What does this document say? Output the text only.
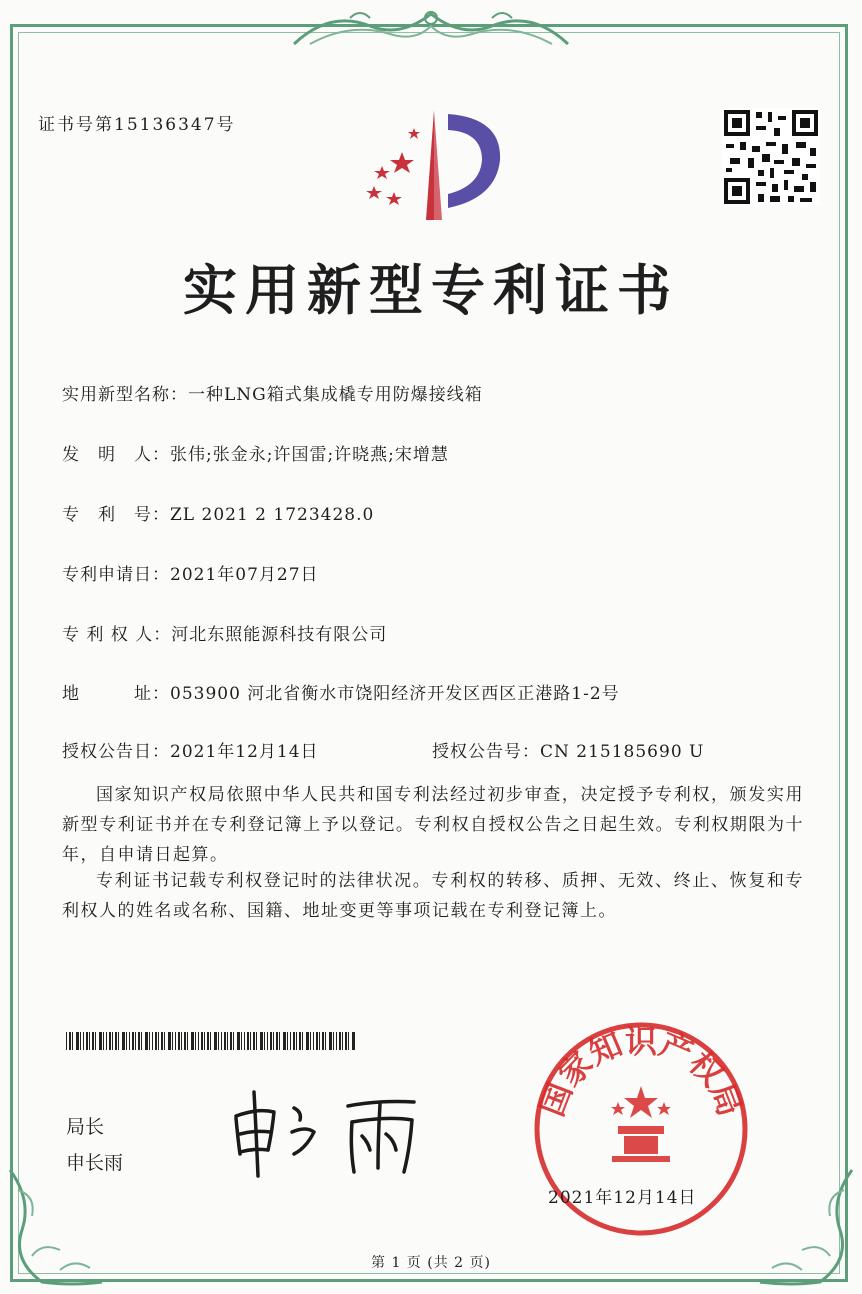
证书号第15136347号
实用新型专利证书
实用新型名称：一种LNG箱式集成橇专用防爆接线箱
发　明　人：张伟;张金永;许国雷;许晓燕;宋增慧
专　利　号：ZL 2021 2 1723428.0
专利申请日：2021年07月27日
专 利 权 人：河北东照能源科技有限公司
地　　　址：053900 河北省衡水市饶阳经济开发区西区正港路1-2号
授权公告日：2021年12月14日	授权公告号：CN 215185690 U
国家知识产权局依照中华人民共和国专利法经过初步审查，决定授予专利权，颁发实用新型专利证书并在专利登记簿上予以登记。专利权自授权公告之日起生效。专利权期限为十年，自申请日起算。
专利证书记载专利权登记时的法律状况。专利权的转移、质押、无效、终止、恢复和专利权人的姓名或名称、国籍、地址变更等事项记载在专利登记簿上。
局长
申长雨
国家知识产权局
2021年12月14日
第 1 页 (共 2 页)
